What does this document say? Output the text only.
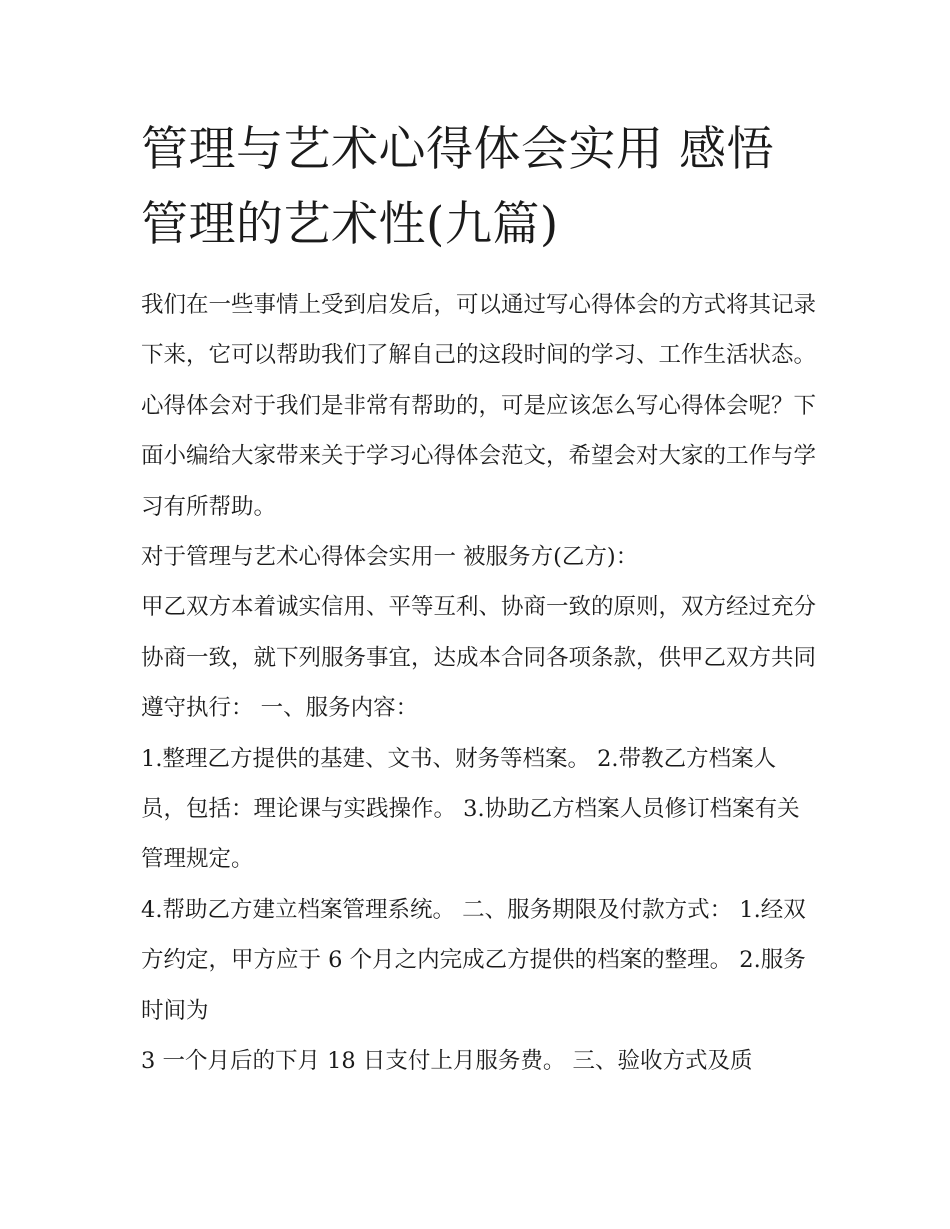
管理与艺术心得体会实用 感悟管理的艺术性(九篇)

我们在一些事情上受到启发后，可以通过写心得体会的方式将其记录下来，它可以帮助我们了解自己的这段时间的学习、工作生活状态。心得体会对于我们是非常有帮助的，可是应该怎么写心得体会呢？下面小编给大家带来关于学习心得体会范文，希望会对大家的工作与学习有所帮助。

对于管理与艺术心得体会实用一 被服务方(乙方)：

甲乙双方本着诚实信用、平等互利、协商一致的原则，双方经过充分协商一致，就下列服务事宜，达成本合同各项条款，供甲乙双方共同遵守执行： 一、服务内容：

1.整理乙方提供的基建、文书、财务等档案。 2.带教乙方档案人员，包括：理论课与实践操作。 3.协助乙方档案人员修订档案有关管理规定。

4.帮助乙方建立档案管理系统。 二、服务期限及付款方式： 1.经双方约定，甲方应于 6 个月之内完成乙方提供的档案的整理。 2.服务时间为

3 一个月后的下月 18 日支付上月服务费。 三、验收方式及质
